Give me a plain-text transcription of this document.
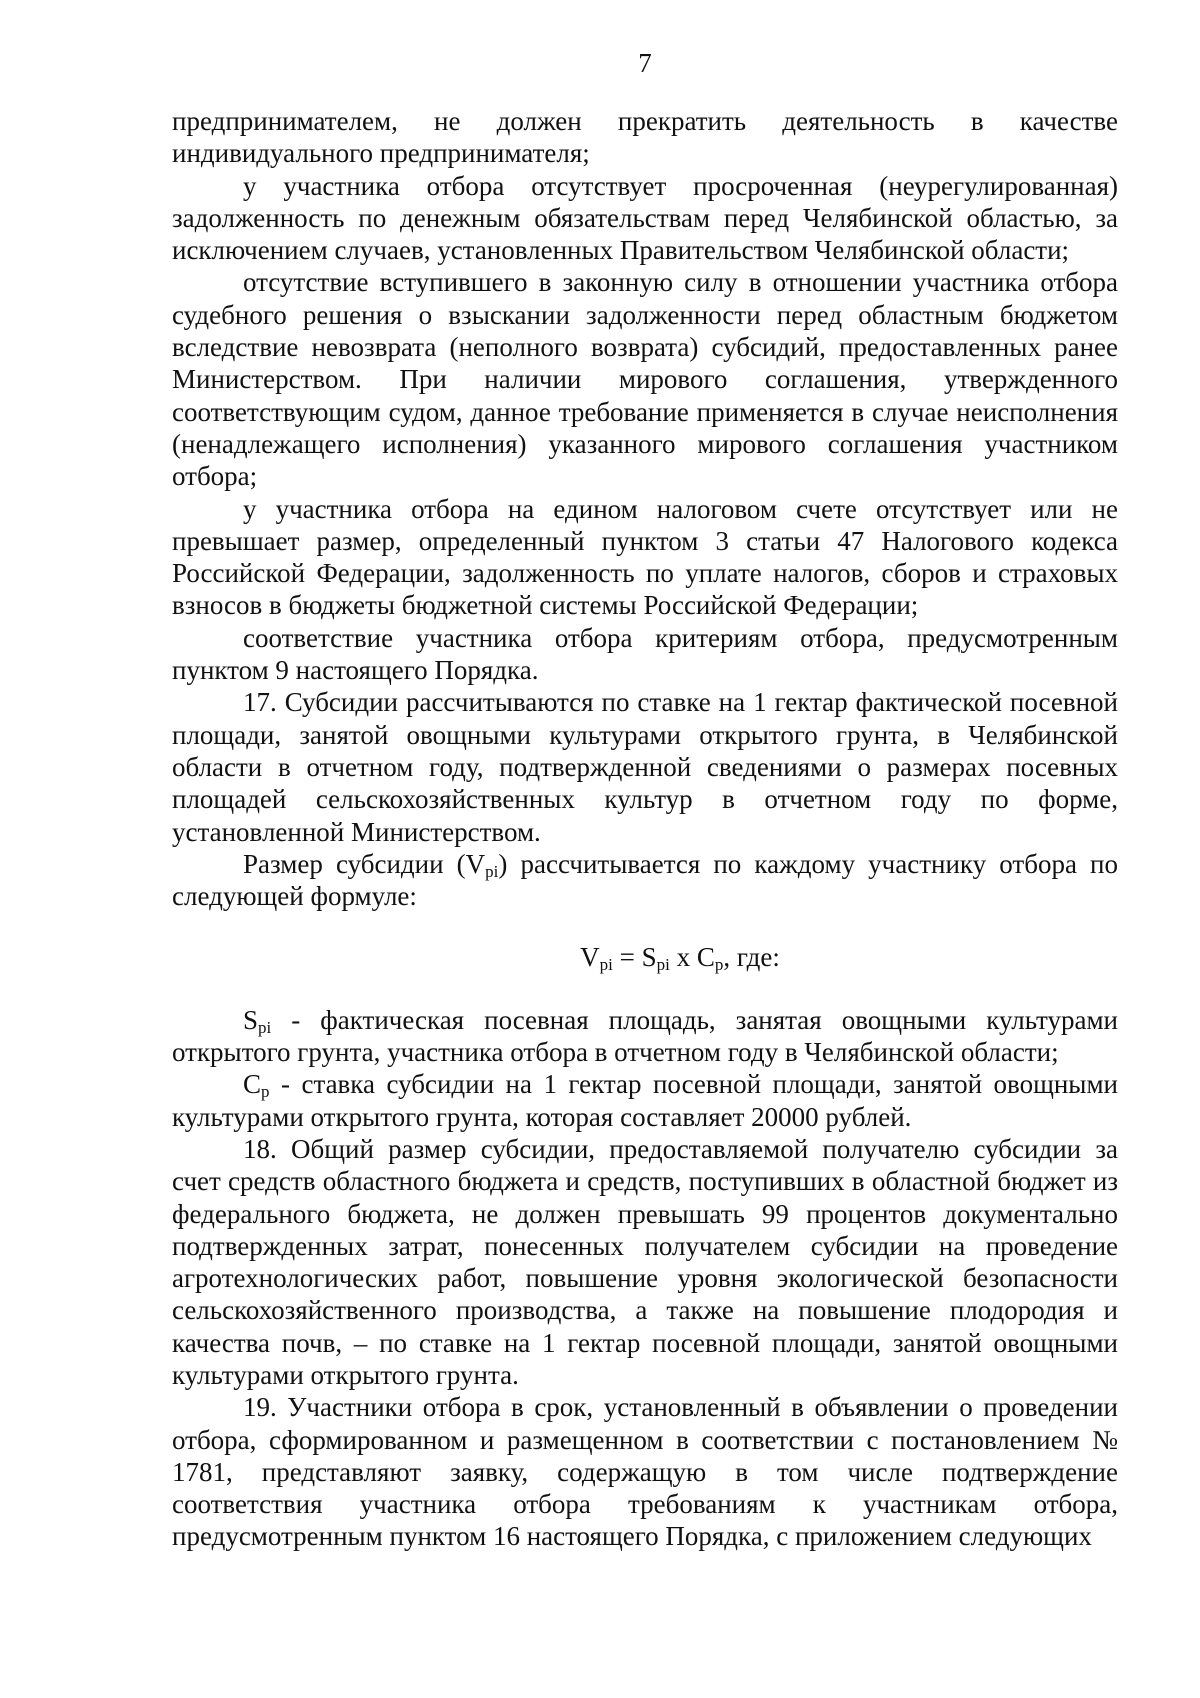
7

предпринимателем, не должен прекратить деятельность в качестве индивидуального предпринимателя;

у участника отбора отсутствует просроченная (неурегулированная) задолженность по денежным обязательствам перед Челябинской областью, за исключением случаев, установленных Правительством Челябинской области;

отсутствие вступившего в законную силу в отношении участника отбора судебного решения о взыскании задолженности перед областным бюджетом вследствие невозврата (неполного возврата) субсидий, предоставленных ранее Министерством. При наличии мирового соглашения, утвержденного соответствующим судом, данное требование применяется в случае неисполнения (ненадлежащего исполнения) указанного мирового соглашения участником отбора;

у участника отбора на едином налоговом счете отсутствует или не превышает размер, определенный пунктом 3 статьи 47 Налогового кодекса Российской Федерации, задолженность по уплате налогов, сборов и страховых взносов в бюджеты бюджетной системы Российской Федерации;

соответствие участника отбора критериям отбора, предусмотренным пунктом 9 настоящего Порядка.

17. Субсидии рассчитываются по ставке на 1 гектар фактической посевной площади, занятой овощными культурами открытого грунта, в Челябинской области в отчетном году, подтвержденной сведениями о размерах посевных площадей сельскохозяйственных культур в отчетном году по форме, установленной Министерством.

Размер субсидии $(V_{pi})$ рассчитывается по каждому участнику отбора по следующей формуле:

$V_{pi} = S_{pi}$ х $С_р$, где:

$S_{pi}$ - фактическая посевная площадь, занятая овощными культурами открытого грунта, участника отбора в отчетном году в Челябинской области;

$С_р$ - ставка субсидии на 1 гектар посевной площади, занятой овощными культурами открытого грунта, которая составляет 20000 рублей.

18. Общий размер субсидии, предоставляемой получателю субсидии за счет средств областного бюджета и средств, поступивших в областной бюджет из федерального бюджета, не должен превышать 99 процентов документально подтвержденных затрат, понесенных получателем субсидии на проведение агротехнологических работ, повышение уровня экологической безопасности сельскохозяйственного производства, а также на повышение плодородия и качества почв, – по ставке на 1 гектар посевной площади, занятой овощными культурами открытого грунта.

19. Участники отбора в срок, установленный в объявлении о проведении отбора, сформированном и размещенном в соответствии с постановлением № 1781, представляют заявку, содержащую в том числе подтверждение соответствия участника отбора требованиям к участникам отбора, предусмотренным пунктом 16 настоящего Порядка, с приложением следующих
